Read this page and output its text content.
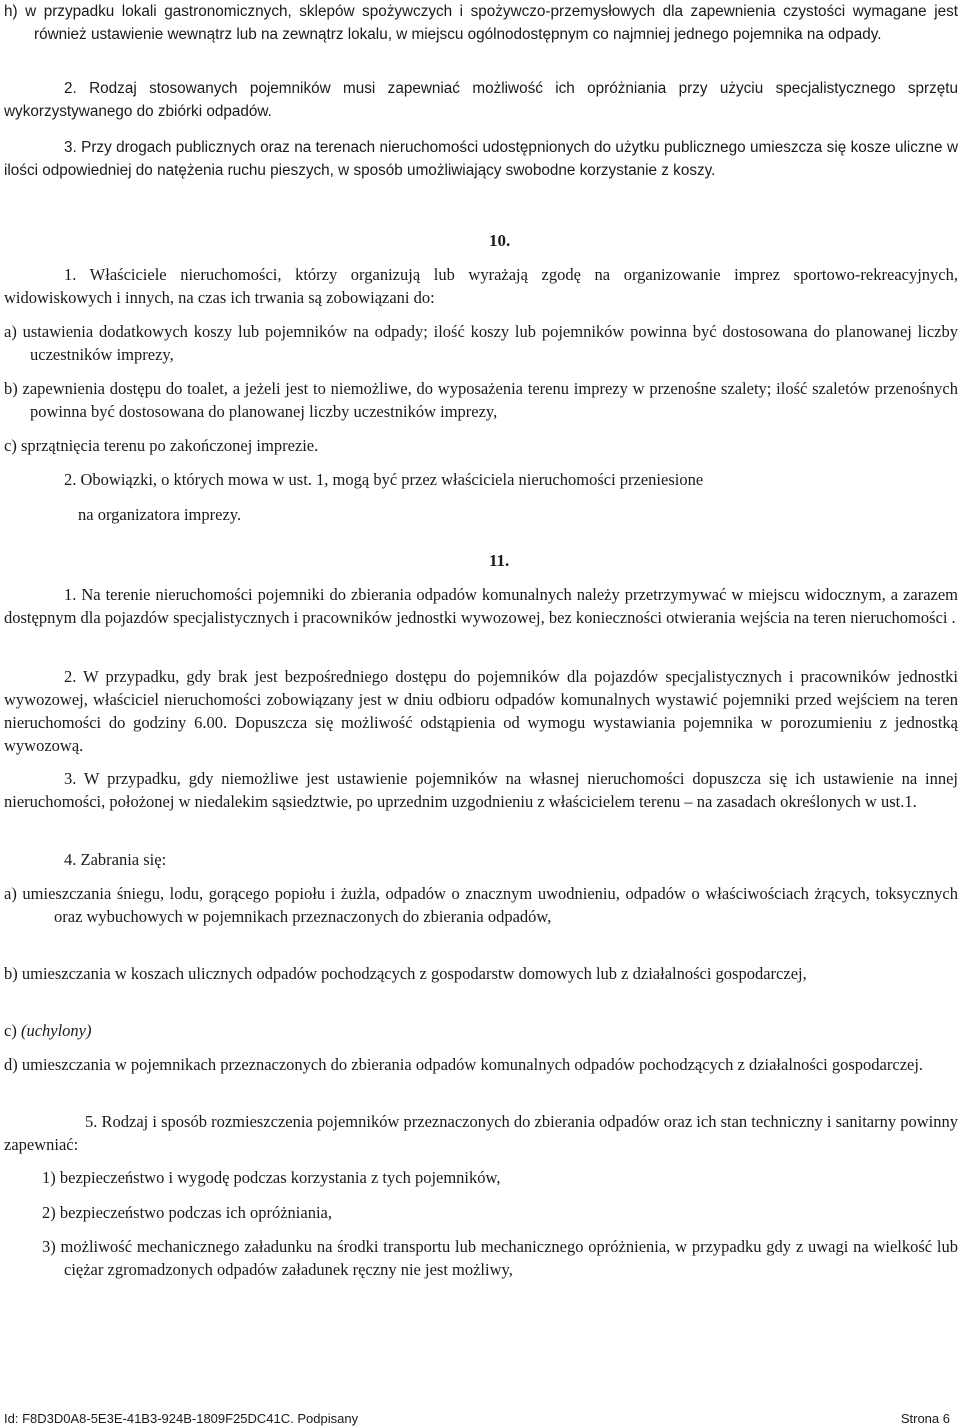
h) w przypadku lokali gastronomicznych, sklepów spożywczych i spożywczo-przemysłowych dla zapewnienia czystości wymagane jest również ustawienie wewnątrz lub na zewnątrz lokalu, w miejscu ogólnodostępnym co najmniej jednego pojemnika na odpady.

2. Rodzaj stosowanych pojemników musi zapewniać możliwość ich opróżniania przy użyciu specjalistycznego sprzętu wykorzystywanego do zbiórki odpadów.

3. Przy drogach publicznych oraz na terenach nieruchomości udostępnionych do użytku publicznego umieszcza się kosze uliczne w ilości odpowiedniej do natężenia ruchu pieszych, w sposób umożliwiający swobodne korzystanie z koszy.

10.

1. Właściciele nieruchomości, którzy organizują lub wyrażają zgodę na organizowanie imprez sportowo-rekreacyjnych, widowiskowych i innych, na czas ich trwania są zobowiązani do:

a) ustawienia dodatkowych koszy lub pojemników na odpady; ilość koszy lub pojemników powinna być dostosowana do planowanej liczby uczestników imprezy,

b) zapewnienia dostępu do toalet, a jeżeli jest to niemożliwe, do wyposażenia terenu imprezy w przenośne szalety; ilość szaletów przenośnych powinna być dostosowana do planowanej liczby uczestników imprezy,

c) sprzątnięcia terenu po zakończonej imprezie.

2. Obowiązki, o których mowa w ust. 1, mogą być przez właściciela nieruchomości przeniesione

na organizatora imprezy.

11.

1. Na terenie nieruchomości pojemniki do zbierania odpadów komunalnych należy przetrzymywać w miejscu widocznym, a zarazem dostępnym dla pojazdów specjalistycznych i pracowników jednostki wywozowej, bez konieczności otwierania wejścia na teren nieruchomości .

2. W przypadku, gdy brak jest bezpośredniego dostępu do pojemników dla pojazdów specjalistycznych i pracowników jednostki wywozowej, właściciel nieruchomości zobowiązany jest w dniu odbioru odpadów komunalnych wystawić pojemniki przed wejściem na teren nieruchomości do godziny 6.00. Dopuszcza się możliwość odstąpienia od wymogu wystawiania pojemnika w porozumieniu z jednostką wywozową.

3. W przypadku, gdy niemożliwe jest ustawienie pojemników na własnej nieruchomości dopuszcza się ich ustawienie na innej nieruchomości, położonej w niedalekim sąsiedztwie, po uprzednim uzgodnieniu z właścicielem terenu – na zasadach określonych w ust.1.

4. Zabrania się:

a) umieszczania śniegu, lodu, gorącego popiołu i żużla, odpadów o znacznym uwodnieniu, odpadów o właściwościach żrących, toksycznych oraz wybuchowych w pojemnikach przeznaczonych do zbierania odpadów,

b) umieszczania w koszach ulicznych odpadów pochodzących z gospodarstw domowych lub z działalności gospodarczej,

c) (uchylony)

d) umieszczania w pojemnikach przeznaczonych do zbierania odpadów komunalnych odpadów pochodzących z działalności gospodarczej.

5. Rodzaj i sposób rozmieszczenia pojemników przeznaczonych do zbierania odpadów oraz ich stan techniczny i sanitarny powinny zapewniać:

1) bezpieczeństwo i wygodę podczas korzystania z tych pojemników,

2) bezpieczeństwo podczas ich opróżniania,

3) możliwość mechanicznego załadunku na środki transportu lub mechanicznego opróżnienia, w przypadku gdy z uwagi na wielkość lub ciężar zgromadzonych odpadów załadunek ręczny nie jest możliwy,

Id: F8D3D0A8-5E3E-41B3-924B-1809F25DC41C. Podpisany	Strona 6
